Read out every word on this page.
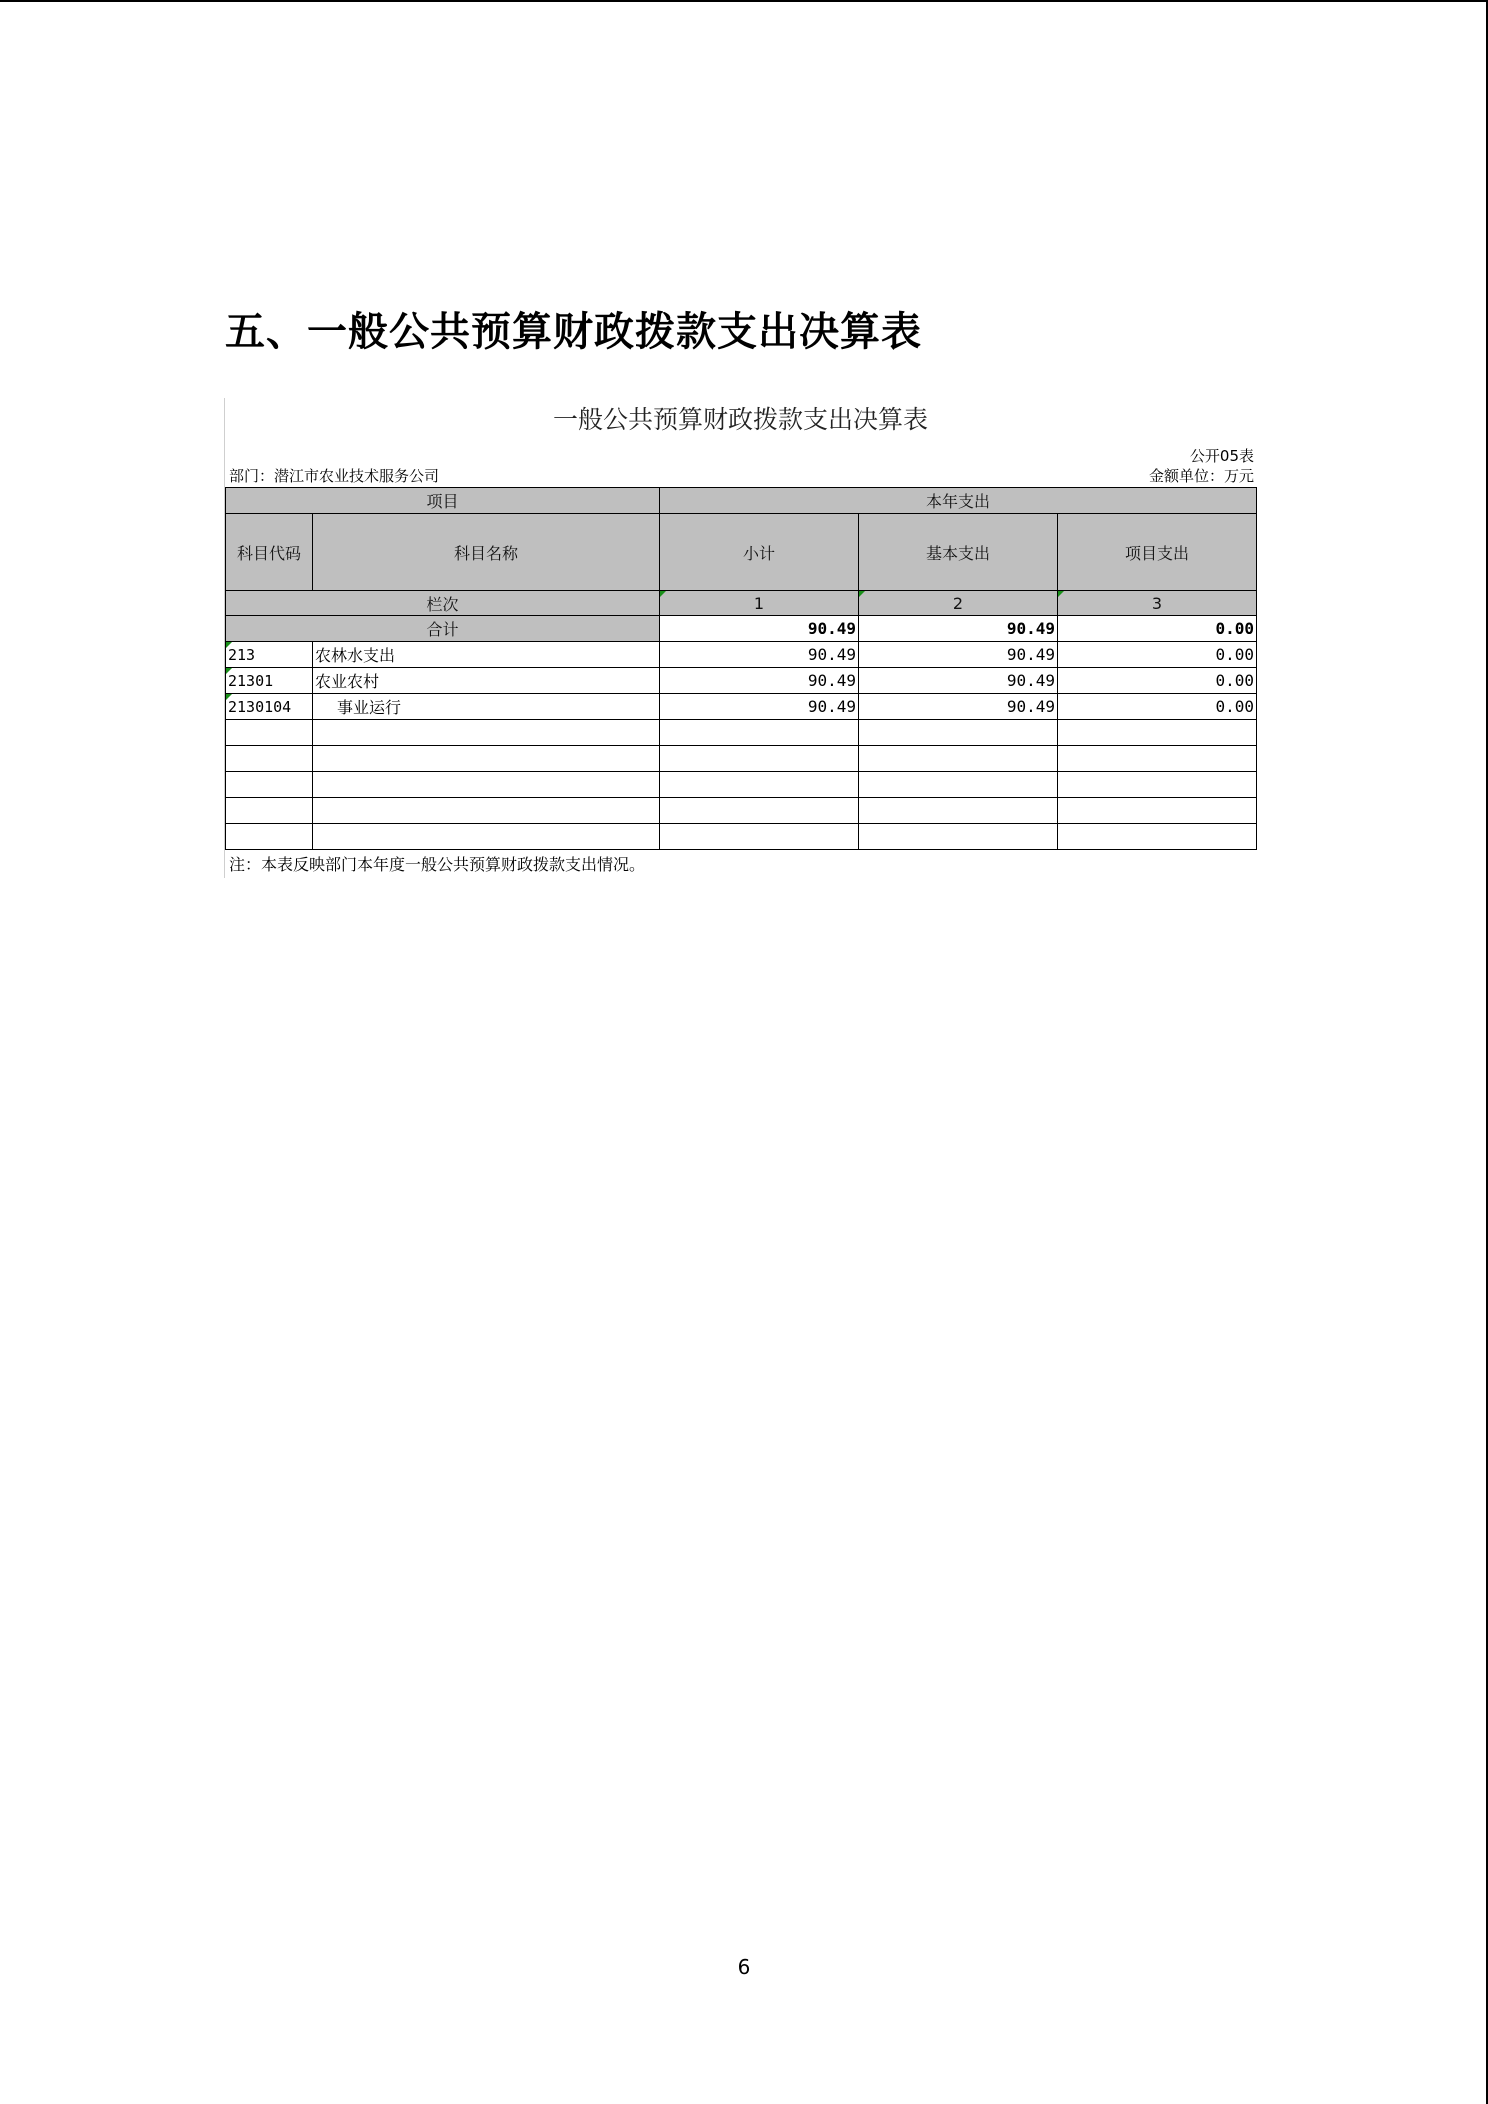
五、一般公共预算财政拨款支出决算表
一般公共预算财政拨款支出决算表
公开05表
部门：潜江市农业技术服务公司	金额单位：万元
项目		本年支出		
科目代码	科目名称	小计	基本支出	项目支出
栏次		1	2	3
合计		90.49	90.49	0.00
213	农林水支出	90.49	90.49	0.00
21301	农业农村	90.49	90.49	0.00
2130104	事业运行	90.49	90.49	0.00

注：本表反映部门本年度一般公共预算财政拨款支出情况。
6
